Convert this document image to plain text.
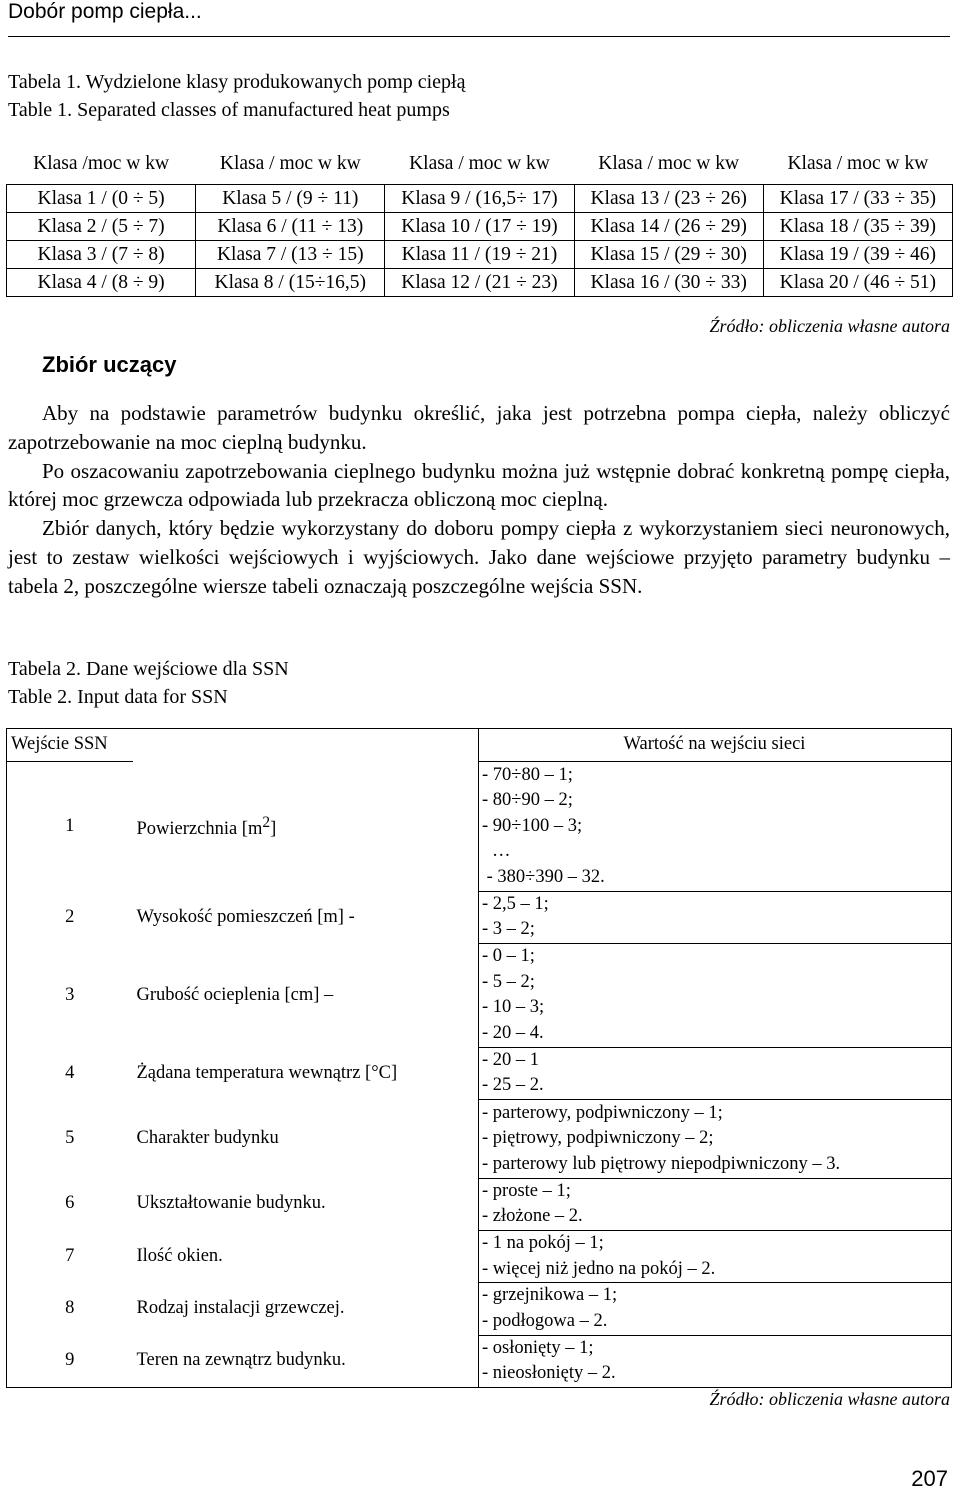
Dobór pomp ciepła...
Tabela 1. Wydzielone klasy produkowanych pomp ciepłą
Table 1. Separated classes of manufactured heat pumps
Klasa /moc w kw	Klasa / moc w kw	Klasa / moc w kw	Klasa / moc w kw	Klasa / moc w kw
Klasa 1 / (0 ÷ 5)	Klasa 5 / (9 ÷ 11)	Klasa 9 / (16,5÷ 17)	Klasa 13 / (23 ÷ 26)	Klasa 17 / (33 ÷ 35)
Klasa 2 / (5 ÷ 7)	Klasa 6 / (11 ÷ 13)	Klasa 10 / (17 ÷ 19)	Klasa 14 / (26 ÷ 29)	Klasa 18 / (35 ÷ 39)
Klasa 3 / (7 ÷ 8)	Klasa 7 / (13 ÷ 15)	Klasa 11 / (19 ÷ 21)	Klasa 15 / (29 ÷ 30)	Klasa 19 / (39 ÷ 46)
Klasa 4 / (8 ÷ 9)	Klasa 8 / (15÷16,5)	Klasa 12 / (21 ÷ 23)	Klasa 16 / (30 ÷ 33)	Klasa 20 / (46 ÷ 51)
Źródło: obliczenia własne autora
Zbiór uczący

Aby na podstawie parametrów budynku określić, jaka jest potrzebna pompa ciepła, należy obliczyć zapotrzebowanie na moc cieplną budynku.

Po oszacowaniu zapotrzebowania cieplnego budynku można już wstępnie dobrać konkretną pompę ciepła, której moc grzewcza odpowiada lub przekracza obliczoną moc cieplną.

Zbiór danych, który będzie wykorzystany do doboru pompy ciepła z wykorzystaniem sieci neuronowych, jest to zestaw wielkości wejściowych i wyjściowych. Jako dane wejściowe przyjęto parametry budynku – tabela 2, poszczególne wiersze tabeli oznaczają poszczególne wejścia SSN.

Tabela 2. Dane wejściowe dla SSN
Table 2. Input data for SSN
Wejście SSN		Wartość na wejściu sieci
1	Powierzchnia $[m^2]$	- 70÷80 – 1;
- 80÷90 – 2;
- 90÷100 – 3;
…
- 380÷390 – 32.

2	Wysokość pomieszczeń [m] -	- 2,5 – 1;
- 3 – 2;

3	Grubość ocieplenia [cm] –	- 0 – 1;
- 5 – 2;
- 10 – 3;
- 20 – 4.

4	Żądana temperatura wewnątrz [°C]	- 20 – 1
- 25 – 2.

5	Charakter budynku	- parterowy, podpiwniczony – 1;
- piętrowy, podpiwniczony – 2;
- parterowy lub piętrowy niepodpiwniczony – 3.

6	Ukształtowanie budynku.	- proste – 1;
- złożone – 2.

7	Ilość okien.	- 1 na pokój – 1;
- więcej niż jedno na pokój – 2.

8	Rodzaj instalacji grzewczej.	- grzejnikowa – 1;
- podłogowa – 2.

9	Teren na zewnątrz budynku.	- osłonięty – 1;
- nieosłonięty – 2.
Źródło: obliczenia własne autora
207
